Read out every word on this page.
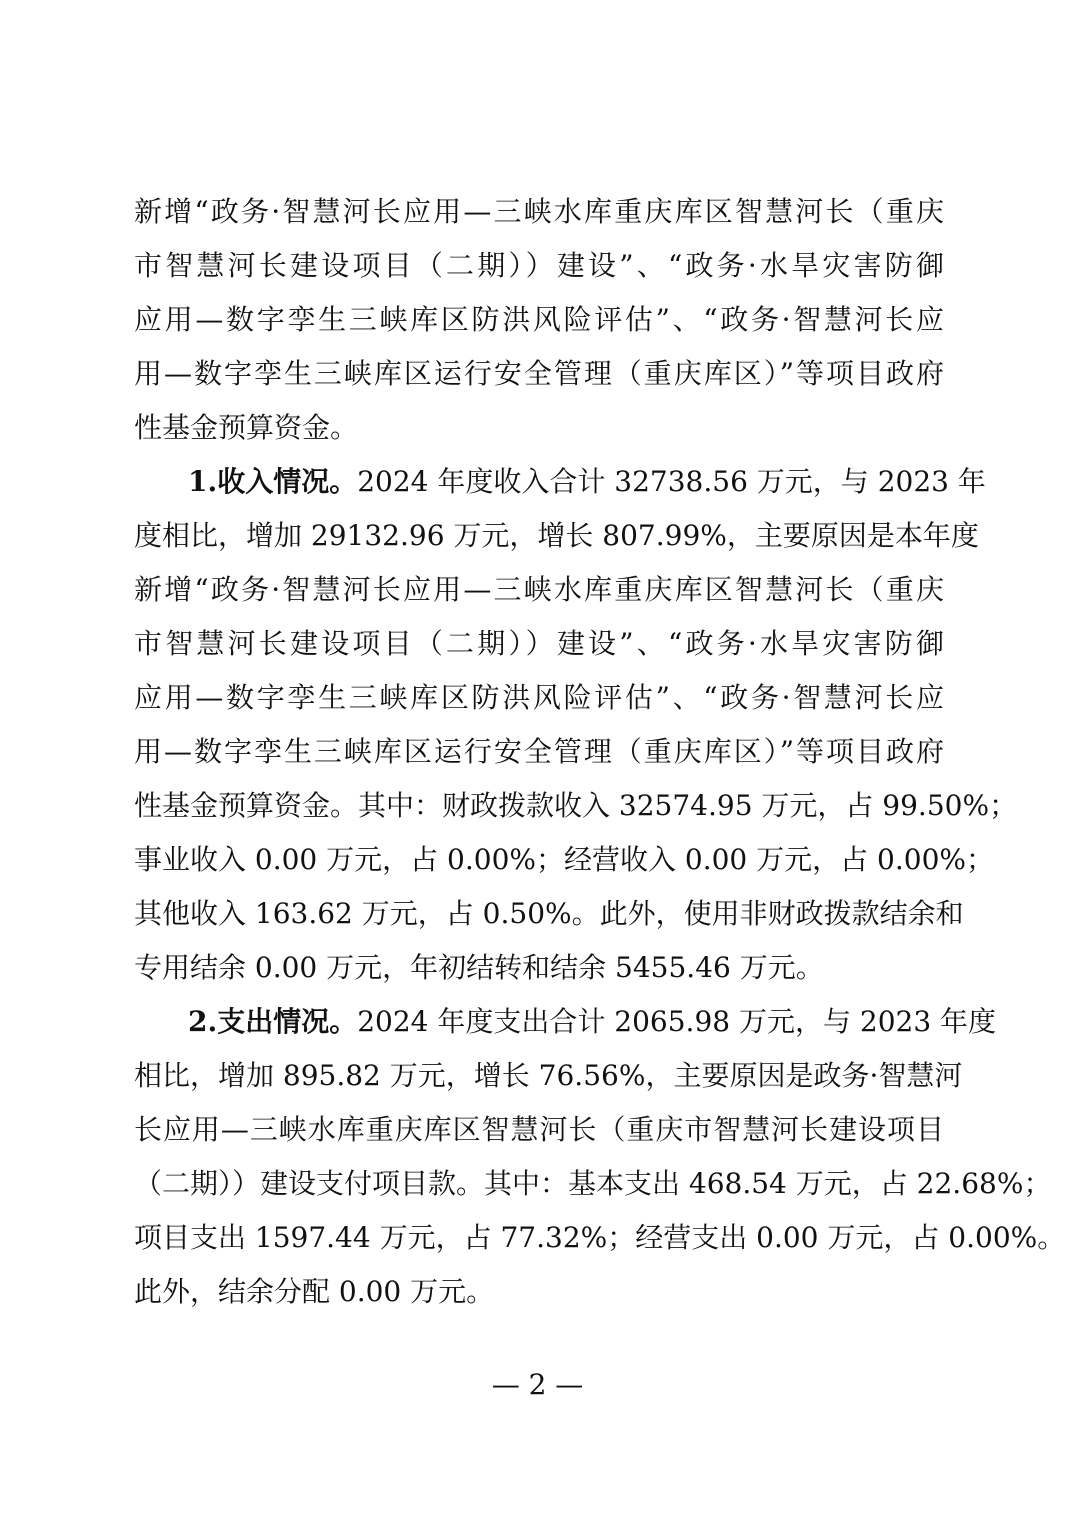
新增“政务·智慧河长应用—三峡水库重庆库区智慧河长（重庆
市智慧河长建设项目（二期））建设”、“政务·水旱灾害防御
应用—数字孪生三峡库区防洪风险评估”、“政务·智慧河长应
用—数字孪生三峡库区运行安全管理（重庆库区）”等项目政府
性基金预算资金。
1.收入情况。2024 年度收入合计 32738.56 万元，与 2023 年
度相比，增加 29132.96 万元，增长 807.99%，主要原因是本年度
新增“政务·智慧河长应用—三峡水库重庆库区智慧河长（重庆
市智慧河长建设项目（二期））建设”、“政务·水旱灾害防御
应用—数字孪生三峡库区防洪风险评估”、“政务·智慧河长应
用—数字孪生三峡库区运行安全管理（重庆库区）”等项目政府
性基金预算资金。其中：财政拨款收入 32574.95 万元，占 99.50%；
事业收入 0.00 万元，占 0.00%；经营收入 0.00 万元，占 0.00%；
其他收入 163.62 万元，占 0.50%。此外，使用非财政拨款结余和
专用结余 0.00 万元，年初结转和结余 5455.46 万元。
2.支出情况。2024 年度支出合计 2065.98 万元，与 2023 年度
相比，增加 895.82 万元，增长 76.56%，主要原因是政务·智慧河
长应用—三峡水库重庆库区智慧河长（重庆市智慧河长建设项目
（二期））建设支付项目款。其中：基本支出 468.54 万元，占 22.68%；
项目支出 1597.44 万元，占 77.32%；经营支出 0.00 万元，占 0.00%。
此外，结余分配 0.00 万元。
— 2 —
